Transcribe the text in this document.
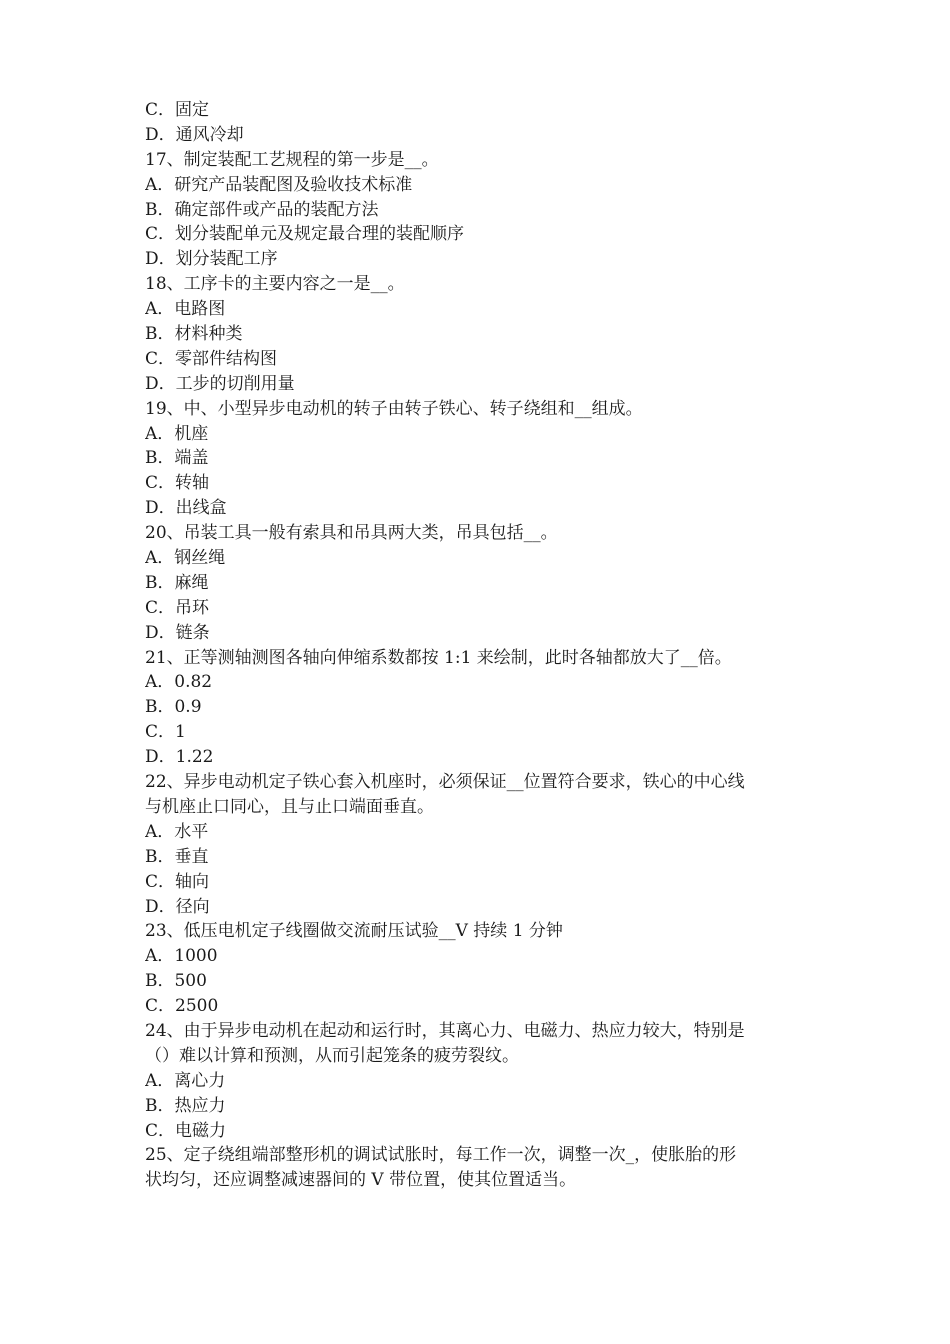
C．固定
D．通风冷却
17、制定装配工艺规程的第一步是__。
A．研究产品装配图及验收技术标准
B．确定部件或产品的装配方法
C．划分装配单元及规定最合理的装配顺序
D．划分装配工序
18、工序卡的主要内容之一是__。
A．电路图
B．材料种类
C．零部件结构图
D．工步的切削用量
19、中、小型异步电动机的转子由转子铁心、转子绕组和__组成。
A．机座
B．端盖
C．转轴
D．出线盒
20、吊装工具一般有索具和吊具两大类，吊具包括__。
A．钢丝绳
B．麻绳
C．吊环
D．链条
21、正等测轴测图各轴向伸缩系数都按 1:1 来绘制，此时各轴都放大了__倍。
A．0.82
B．0.9
C．1
D．1.22
22、异步电动机定子铁心套入机座时，必须保证__位置符合要求，铁心的中心线
与机座止口同心，且与止口端面垂直。
A．水平
B．垂直
C．轴向
D．径向
23、低压电机定子线圈做交流耐压试验__V 持续 1 分钟
A．1000
B．500
C．2500
24、由于异步电动机在起动和运行时，其离心力、电磁力、热应力较大，特别是
（）难以计算和预测，从而引起笼条的疲劳裂纹。
A．离心力
B．热应力
C．电磁力
25、定子绕组端部整形机的调试试胀时，每工作一次，调整一次_，使胀胎的形
状均匀，还应调整减速器间的 V 带位置，使其位置适当。
